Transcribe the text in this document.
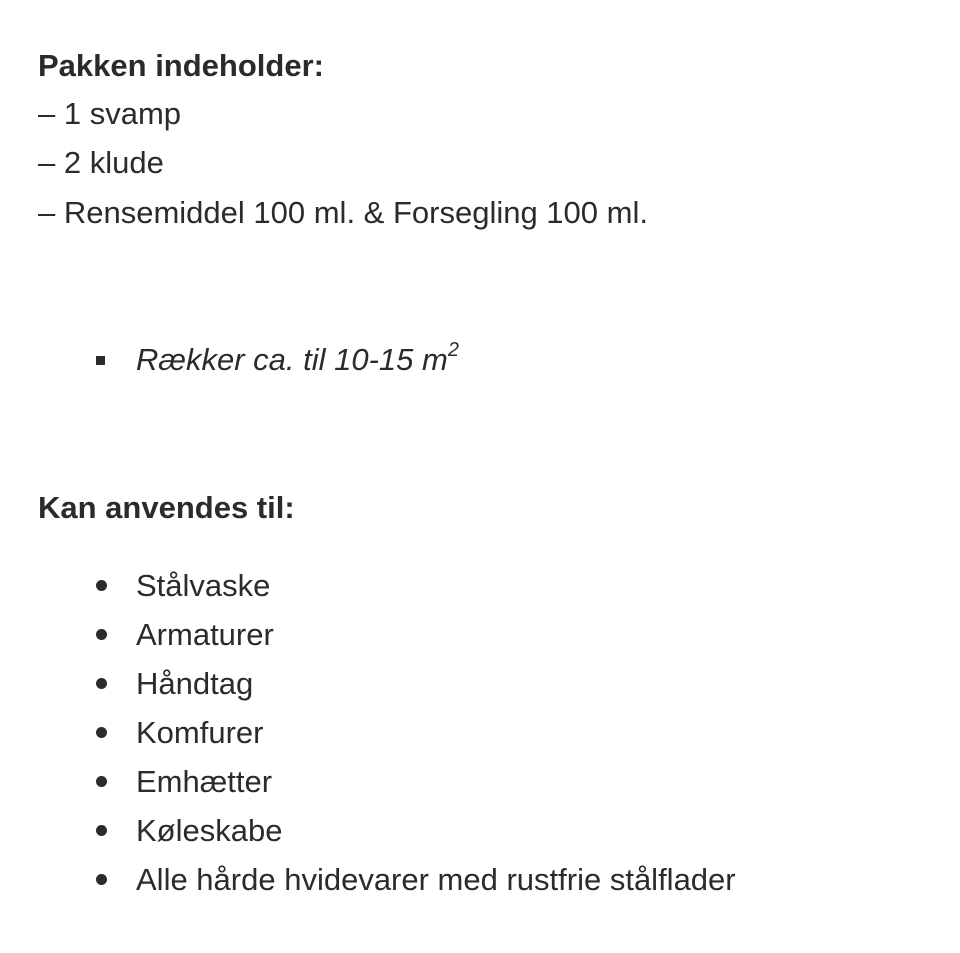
Pakken indeholder:
– 1 svamp
– 2 klude
– Rensemiddel 100 ml. & Forsegling 100 ml.
Rækker ca. til 10-15 $m^2$
Kan anvendes til:
Stålvaske
Armaturer
Håndtag
Komfurer
Emhætter
Køleskabe
Alle hårde hvidevarer med rustfrie stålflader
